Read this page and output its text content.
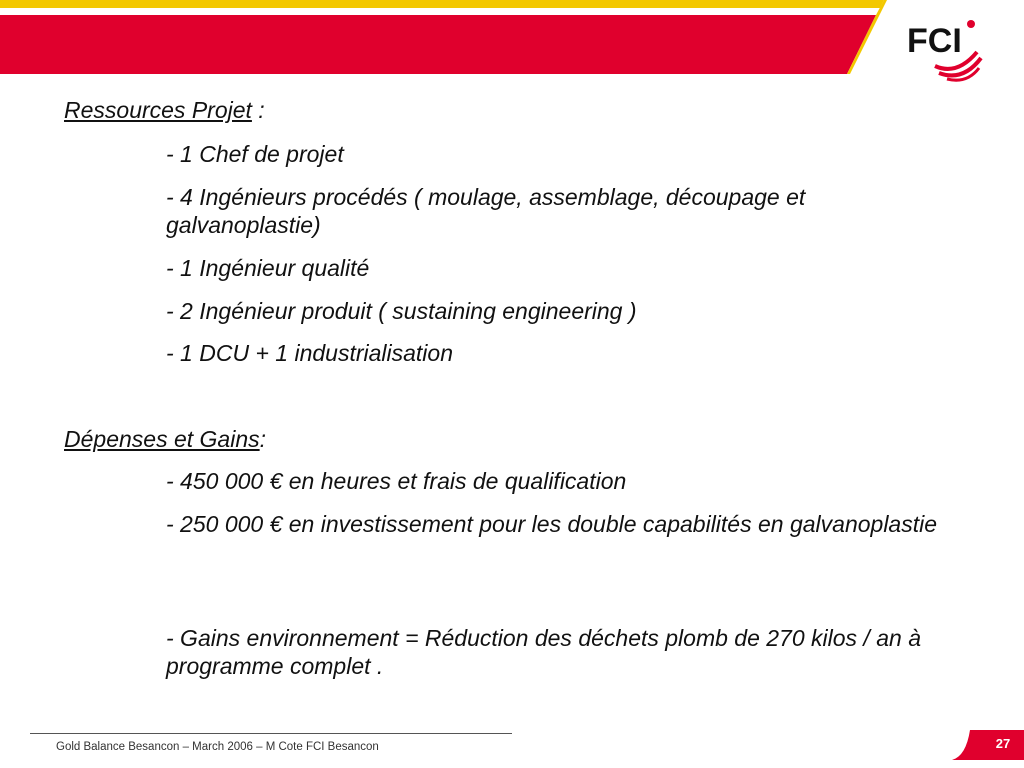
FCI
Ressources Projet :

- 1 Chef de projet

- 4 Ingénieurs procédés ( moulage, assemblage, découpage et galvanoplastie)

- 1 Ingénieur qualité

- 2 Ingénieur produit ( sustaining engineering )

- 1 DCU + 1 industrialisation

Dépenses et Gains:

- 450 000 € en heures et frais de qualification

- 250 000 € en investissement pour les double capabilités en galvanoplastie

- Gains environnement = Réduction des déchets plomb de 270 kilos / an à programme complet .

Gold Balance Besancon – March 2006 – M Cote FCI Besancon	27
